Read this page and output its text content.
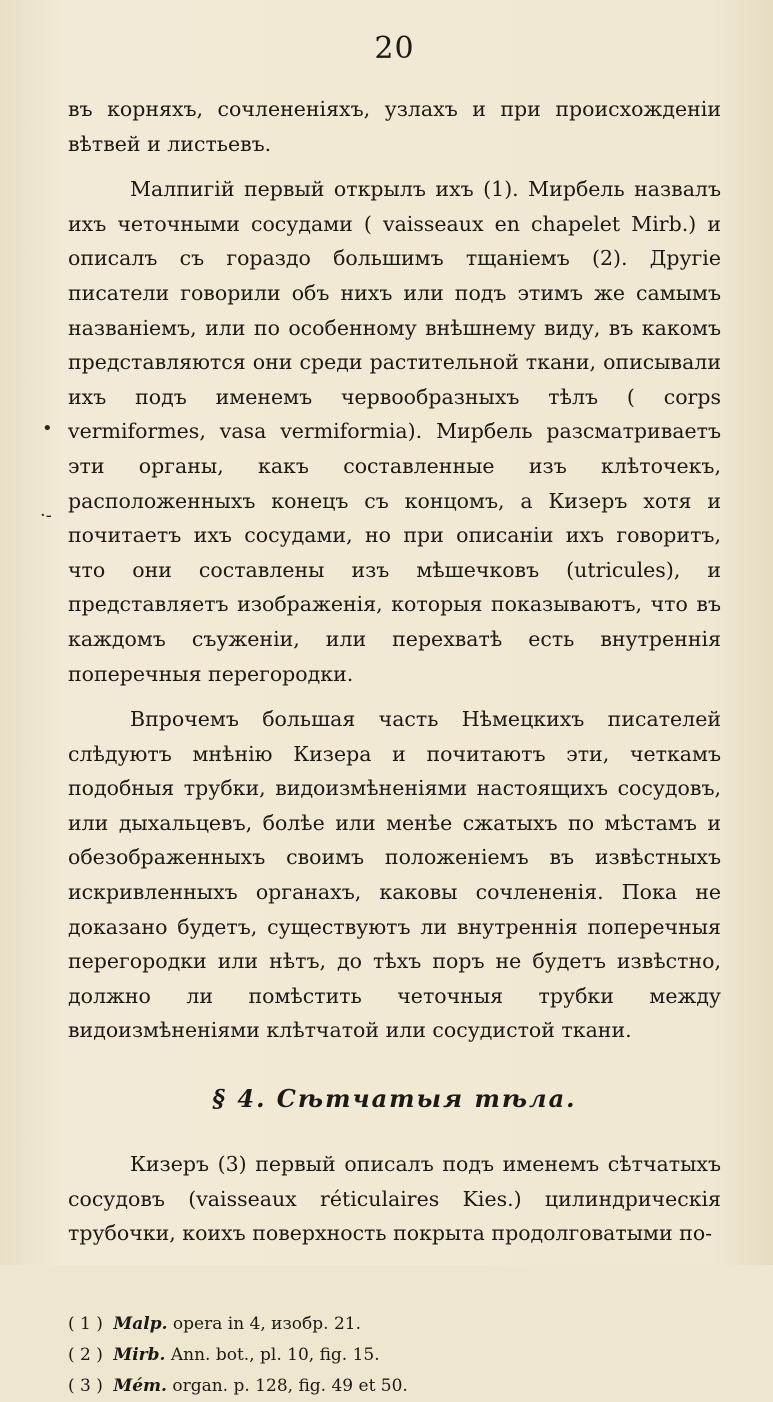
20

въ корняхъ, сочлененіяхъ, узлахъ и при происхожденіи вѣтвей и листьевъ.

Малпигій первый открылъ ихъ (1). Мирбель назвалъ ихъ четочными сосудами ( vaisseaux en chapelet Mirb.) и описалъ съ гораздо большимъ тщаніемъ (2). Другіе писатели говорили объ нихъ или подъ этимъ же самымъ названіемъ, или по особенному внѣшнему виду, въ какомъ представляются они среди растительной ткани, описывали ихъ подъ именемъ червообразныхъ тѣлъ ( corps vermiformes, vasa vermiformia). Мирбель разсматриваетъ эти органы, какъ составленные изъ клѣточекъ, расположенныхъ конецъ съ концомъ, а Кизеръ хотя и почитаетъ ихъ сосудами, но при описаніи ихъ говоритъ, что они составлены изъ мѣшечковъ (utricules), и представляетъ изображенія, которыя показываютъ, что въ каждомъ съуженіи, или перехватѣ есть внутреннія поперечныя перегородки.

Впрочемъ большая часть Нѣмецкихъ писателей слѣдуютъ мнѣнію Кизера и почитаютъ эти, четкамъ подобныя трубки, видоизмѣненіями настоящихъ сосудовъ, или дыхальцевъ, болѣе или менѣе сжатыхъ по мѣстамъ и обезображенныхъ своимъ положеніемъ въ извѣстныхъ искривленныхъ органахъ, каковы сочлененія. Пока не доказано будетъ, существуютъ ли внутреннія поперечныя перегородки или нѣтъ, до тѣхъ поръ не будетъ извѣстно, должно ли помѣстить четочныя трубки между видоизмѣненіями клѣтчатой или сосудистой ткани.

§ 4. Сѣтчатыя тѣла.

Кизеръ (3) первый описалъ подъ именемъ сѣтчатыхъ сосудовъ (vaisseaux réticulaires Kies.) цилиндрическія трубочки, коихъ поверхность покрыта продолговатыми по-

( 1 ) Malp. opera in 4, изобр. 21.

( 2 ) Mirb. Ann. bot., pl. 10, fig. 15.

( 3 ) Mém. organ. p. 128, fig. 49 et 50.

•
·-
